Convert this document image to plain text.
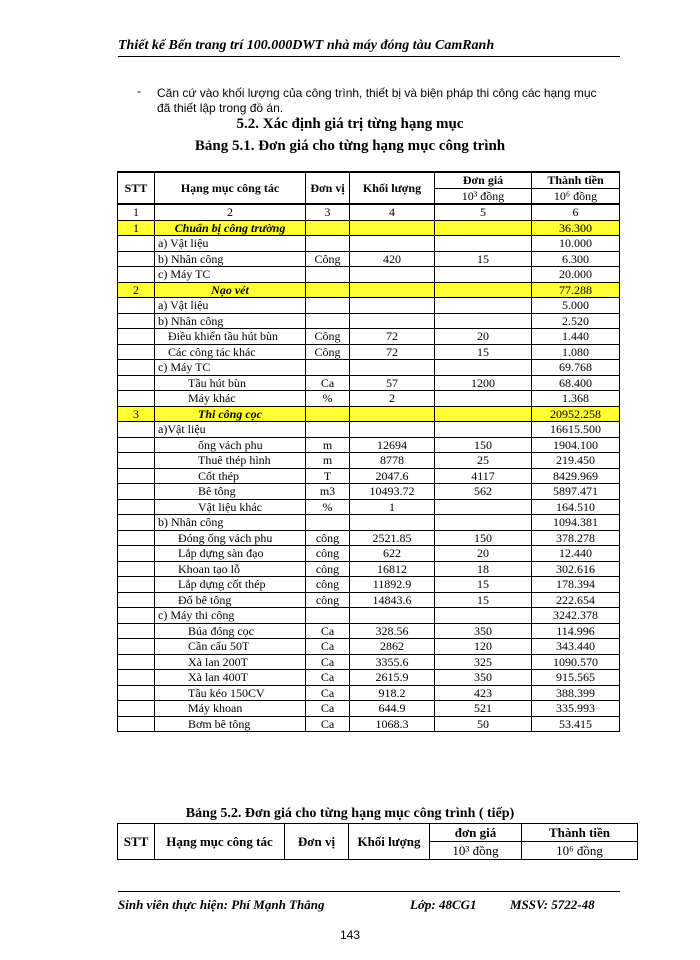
Thiết kế Bến trang trí 100.000DWT nhà máy đóng tàu CamRanh
-	Căn cứ vào khối lượng của công trình, thiết bị và biện pháp thi công các hạng mục đã thiết lập trong đồ án.
5.2. Xác định giá trị từng hạng mục
Bảng 5.1. Đơn giá cho từng hạng mục công trình
STT	Hạng mục công tác	Đơn vị	Khối lượng	Đơn giá	Thành tiền
				10³ đồng	10⁶ đồng
1	2	3	4	5	6
1	Chuẩn bị công trường				36.300
	a) Vật liệu				10.000
	b) Nhân công	Công	420	15	6.300
	c) Máy TC				20.000
2	Nạo vét				77.288
	a) Vật liệu				5.000
	b) Nhân công				2.520
	Điều khiển tầu hút bùn	Công	72	20	1.440
	Các công tác khác	Công	72	15	1.080
	c) Máy TC				69.768
	Tầu hút bùn	Ca	57	1200	68.400
	Máy khác	%	2		1.368
3	Thi công cọc				20952.258
	a)Vật liệu				16615.500
	ống vách phu	m	12694	150	1904.100
	Thuê thép hình	m	8778	25	219.450
	Cốt thép	T	2047.6	4117	8429.969
	Bê tông	m3	10493.72	562	5897.471
	Vật liệu khác	%	1		164.510
	b) Nhân công				1094.381
	Đóng ống vách phu	công	2521.85	150	378.278
	Lắp dựng sàn đạo	công	622	20	12.440
	Khoan tạo lỗ	công	16812	18	302.616
	Lắp dựng cốt thép	công	11892.9	15	178.394
	Đổ bê tông	công	14843.6	15	222.654
	c) Máy thi công				3242.378
	Búa đóng cọc	Ca	328.56	350	114.996
	Cần cẩu 50T	Ca	2862	120	343.440
	Xà lan 200T	Ca	3355.6	325	1090.570
	Xà lan 400T	Ca	2615.9	350	915.565
	Tầu kéo 150CV	Ca	918.2	423	388.399
	Máy khoan	Ca	644.9	521	335.993
	Bơm bê tông	Ca	1068.3	50	53.415
Bảng 5.2. Đơn giá cho từng hạng mục công trình ( tiếp)
STT	Hạng mục công tác	Đơn vị	Khối lượng	đơn giá	Thành tiền
				10³ đồng	10⁶ đồng
Sinh viên thực hiện: Phí Mạnh Thắng	Lớp: 48CG1	MSSV: 5722-48
143
